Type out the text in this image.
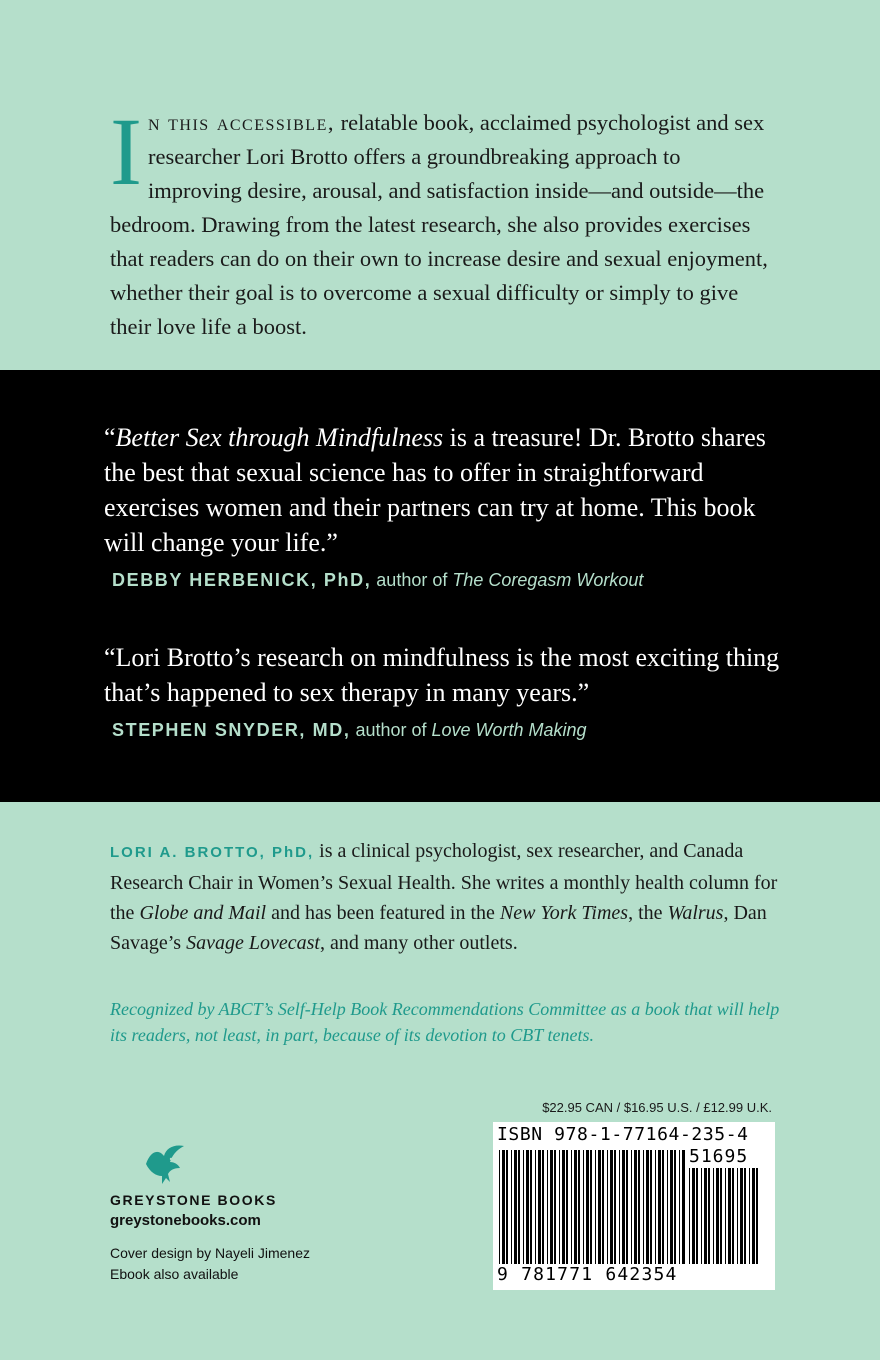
In this accessible, relatable book, acclaimed psychologist and sex researcher Lori Brotto offers a groundbreaking approach to improving desire, arousal, and satisfaction inside—and outside—the bedroom. Drawing from the latest research, she also provides exercises that readers can do on their own to increase desire and sexual enjoyment, whether their goal is to overcome a sexual difficulty or simply to give their love life a boost.
“Better Sex through Mindfulness is a treasure! Dr. Brotto shares the best that sexual science has to offer in straightforward exercises women and their partners can try at home. This book will change your life.”
DEBBY HERBENICK, PhD, author of The Coregasm Workout
“Lori Brotto’s research on mindfulness is the most exciting thing that’s happened to sex therapy in many years.”
STEPHEN SNYDER, MD, author of Love Worth Making
LORI A. BROTTO, PhD, is a clinical psychologist, sex researcher, and Canada Research Chair in Women’s Sexual Health. She writes a monthly health column for the Globe and Mail and has been featured in the New York Times, the Walrus, Dan Savage’s Savage Lovecast, and many other outlets.
Recognized by ABCT’s Self-Help Book Recommendations Committee as a book that will help its readers, not least, in part, because of its devotion to CBT tenets.
$22.95 CAN / $16.95 U.S. / £12.99 U.K.
ISBN 978-1-77164-235-4
51695
9 781771 642354
GREYSTONE BOOKS
greystonebooks.com
Cover design by Nayeli Jimenez
Ebook also available
